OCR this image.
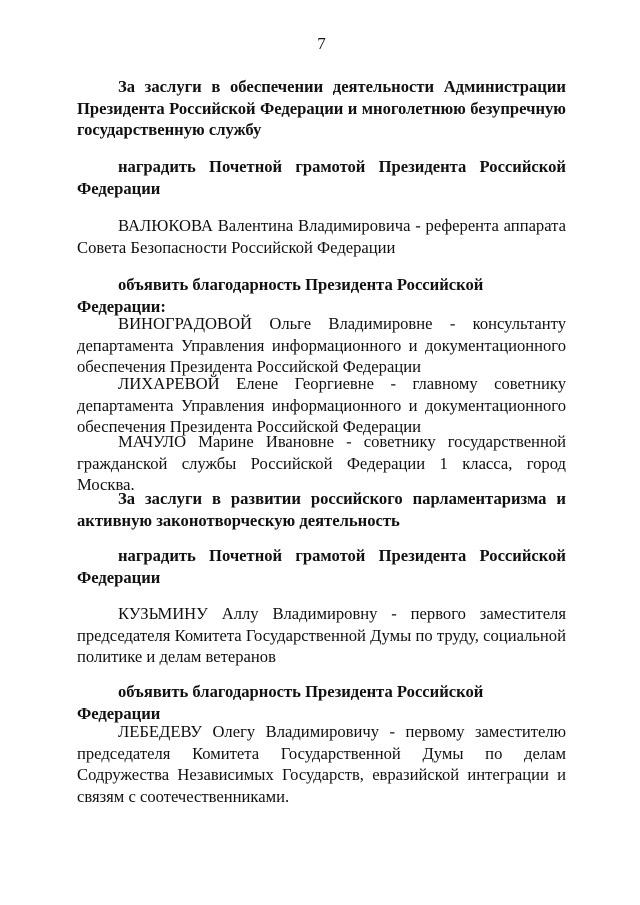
7

За заслуги в обеспечении деятельности Администрации Президента Российской Федерации и многолетнюю безупречную государственную службу

наградить Почетной грамотой Президента Российской Федерации

ВАЛЮКОВА Валентина Владимировича - референта аппарата Совета Безопасности Российской Федерации

объявить благодарность Президента Российской Федерации:

ВИНОГРАДОВОЙ Ольге Владимировне - консультанту департамента Управления информационного и документационного обеспечения Президента Российской Федерации

ЛИХАРЕВОЙ Елене Георгиевне - главному советнику департамента Управления информационного и документационного обеспечения Президента Российской Федерации

МАЧУЛО Марине Ивановне - советнику государственной гражданской службы Российской Федерации 1 класса, город Москва.

За заслуги в развитии российского парламентаризма и активную законотворческую деятельность

наградить Почетной грамотой Президента Российской Федерации

КУЗЬМИНУ Аллу Владимировну - первого заместителя председателя Комитета Государственной Думы по труду, социальной политике и делам ветеранов

объявить благодарность Президента Российской Федерации

ЛЕБЕДЕВУ Олегу Владимировичу - первому заместителю председателя Комитета Государственной Думы по делам Содружества Независимых Государств, евразийской интеграции и связям с соотечественниками.
